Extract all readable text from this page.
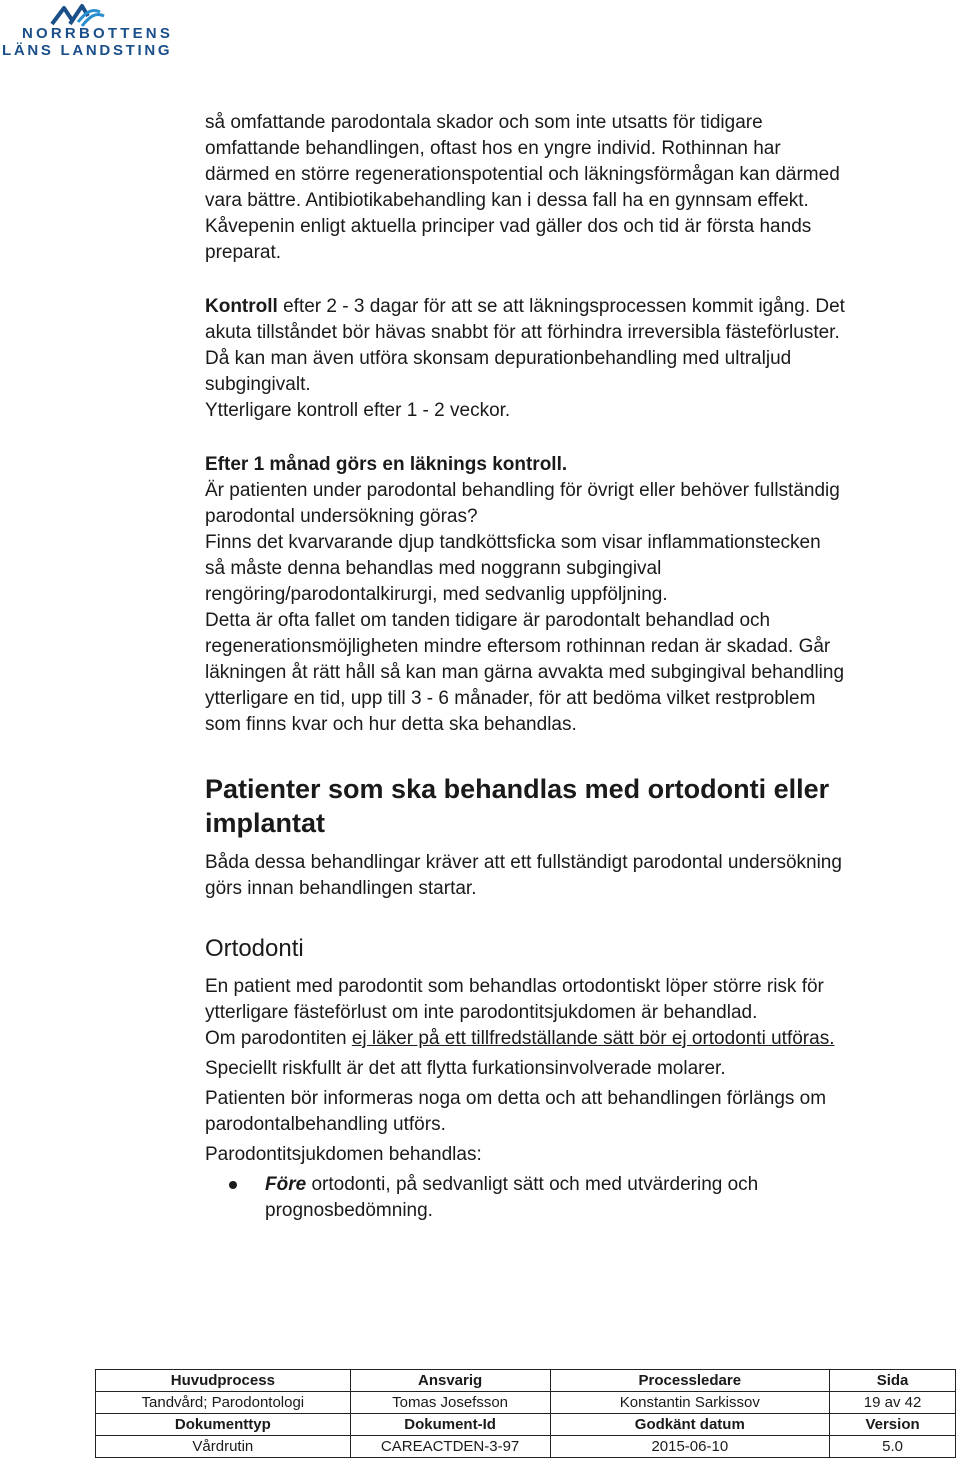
NORRBOTTENS
LÄNS LANDSTING

så omfattande parodontala skador och som inte utsatts för tidigare omfattande behandlingen, oftast hos en yngre individ. Rothinnan har därmed en större regenerationspotential och läkningsförmågan kan därmed vara bättre. Antibiotikabehandling kan i dessa fall ha en gynnsam effekt. Kåvepenin enligt aktuella principer vad gäller dos och tid är första hands preparat.

Kontroll efter 2 - 3 dagar för att se att läkningsprocessen kommit igång. Det akuta tillståndet bör hävas snabbt för att förhindra irreversibla fästeförluster. Då kan man även utföra skonsam depurationbehandling med ultraljud subgingivalt.

Ytterligare kontroll efter 1 - 2 veckor.

Efter 1 månad görs en läknings kontroll.

Är patienten under parodontal behandling för övrigt eller behöver fullständig parodontal undersökning göras?

Finns det kvarvarande djup tandköttsficka som visar inflammationstecken så måste denna behandlas med noggrann subgingival rengöring/parodontalkirurgi, med sedvanlig uppföljning.

Detta är ofta fallet om tanden tidigare är parodontalt behandlad och regenerationsmöjligheten mindre eftersom rothinnan redan är skadad. Går läkningen åt rätt håll så kan man gärna avvakta med subgingival behandling ytterligare en tid, upp till 3 - 6 månader, för att bedöma vilket restproblem som finns kvar och hur detta ska behandlas.

Patienter som ska behandlas med ortodonti eller implantat

Båda dessa behandlingar kräver att ett fullständigt parodontal undersökning görs innan behandlingen startar.

Ortodonti

En patient med parodontit som behandlas ortodontiskt löper större risk för ytterligare fästeförlust om inte parodontitsjukdomen är behandlad.

Om parodontiten ej läker på ett tillfredställande sätt bör ej ortodonti utföras.

Speciellt riskfullt är det att flytta furkationsinvolverade molarer.

Patienten bör informeras noga om detta och att behandlingen förlängs om parodontalbehandling utförs.

Parodontitsjukdomen behandlas:

Före ortodonti, på sedvanligt sätt och med utvärdering och prognosbedömning.

Huvudprocess	Ansvarig	Processledare	Sida
Tandvård; Parodontologi	Tomas Josefsson	Konstantin Sarkissov	19 av 42
Dokumenttyp	Dokument-Id	Godkänt datum	Version
Vårdrutin	CAREACTDEN-3-97	2015-06-10	5.0
